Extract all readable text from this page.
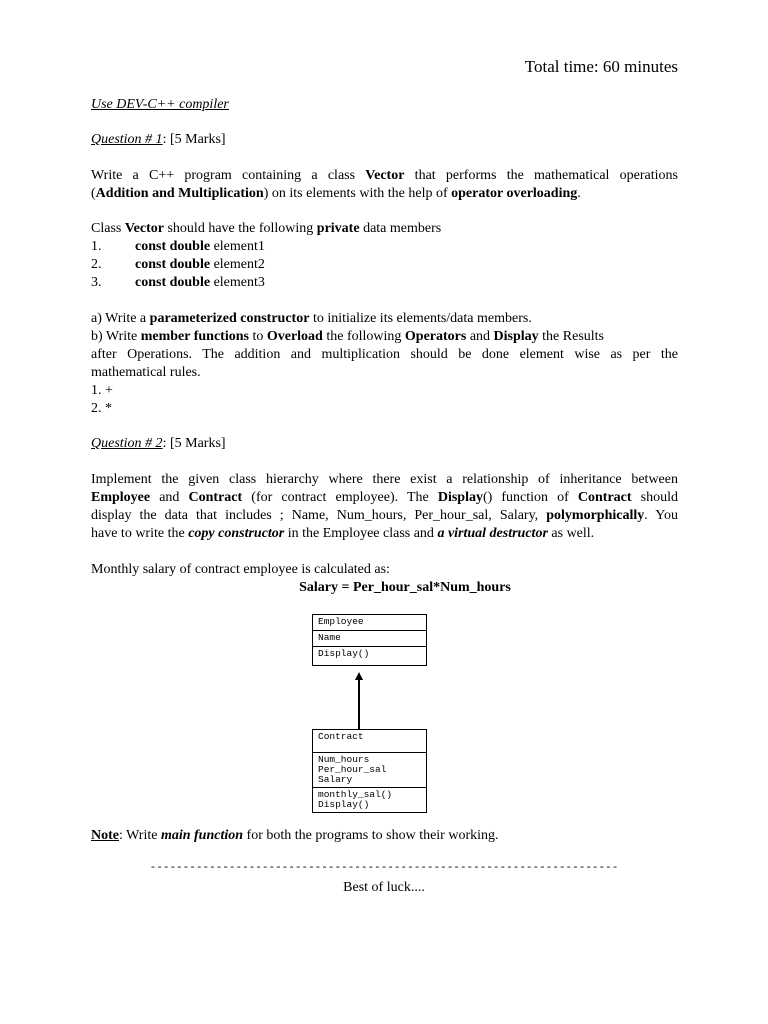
Total time: 60 minutes
Use DEV-C++ compiler
Question # 1: [5 Marks]
Write a C++ program containing a class Vector that performs the mathematical operations
(Addition and Multiplication) on its elements with the help of operator overloading.
Class Vector should have the following private data members
1. const double element1
2. const double element2
3. const double element3
a) Write a parameterized constructor to initialize its elements/data members.
b) Write member functions to Overload the following Operators and Display the Results
after Operations. The addition and multiplication should be done element wise as per the
mathematical rules.
1. +
2. *
Question # 2: [5 Marks]
Implement the given class hierarchy where there exist a relationship of inheritance between
Employee and Contract (for contract employee). The Display() function of Contract should
display the data that includes ; Name, Num_hours, Per_hour_sal, Salary, polymorphically. You
have to write the copy constructor in the Employee class and a virtual destructor as well.
Monthly salary of contract employee is calculated as:
Salary = Per_hour_sal*Num_hours
Employee
Name
Display()
Contract
Num_hours
Per_hour_sal
Salary
monthly_sal()
Display()
Note: Write main function for both the programs to show their working.
-----------------------------------------------------------------------
Best of luck....
